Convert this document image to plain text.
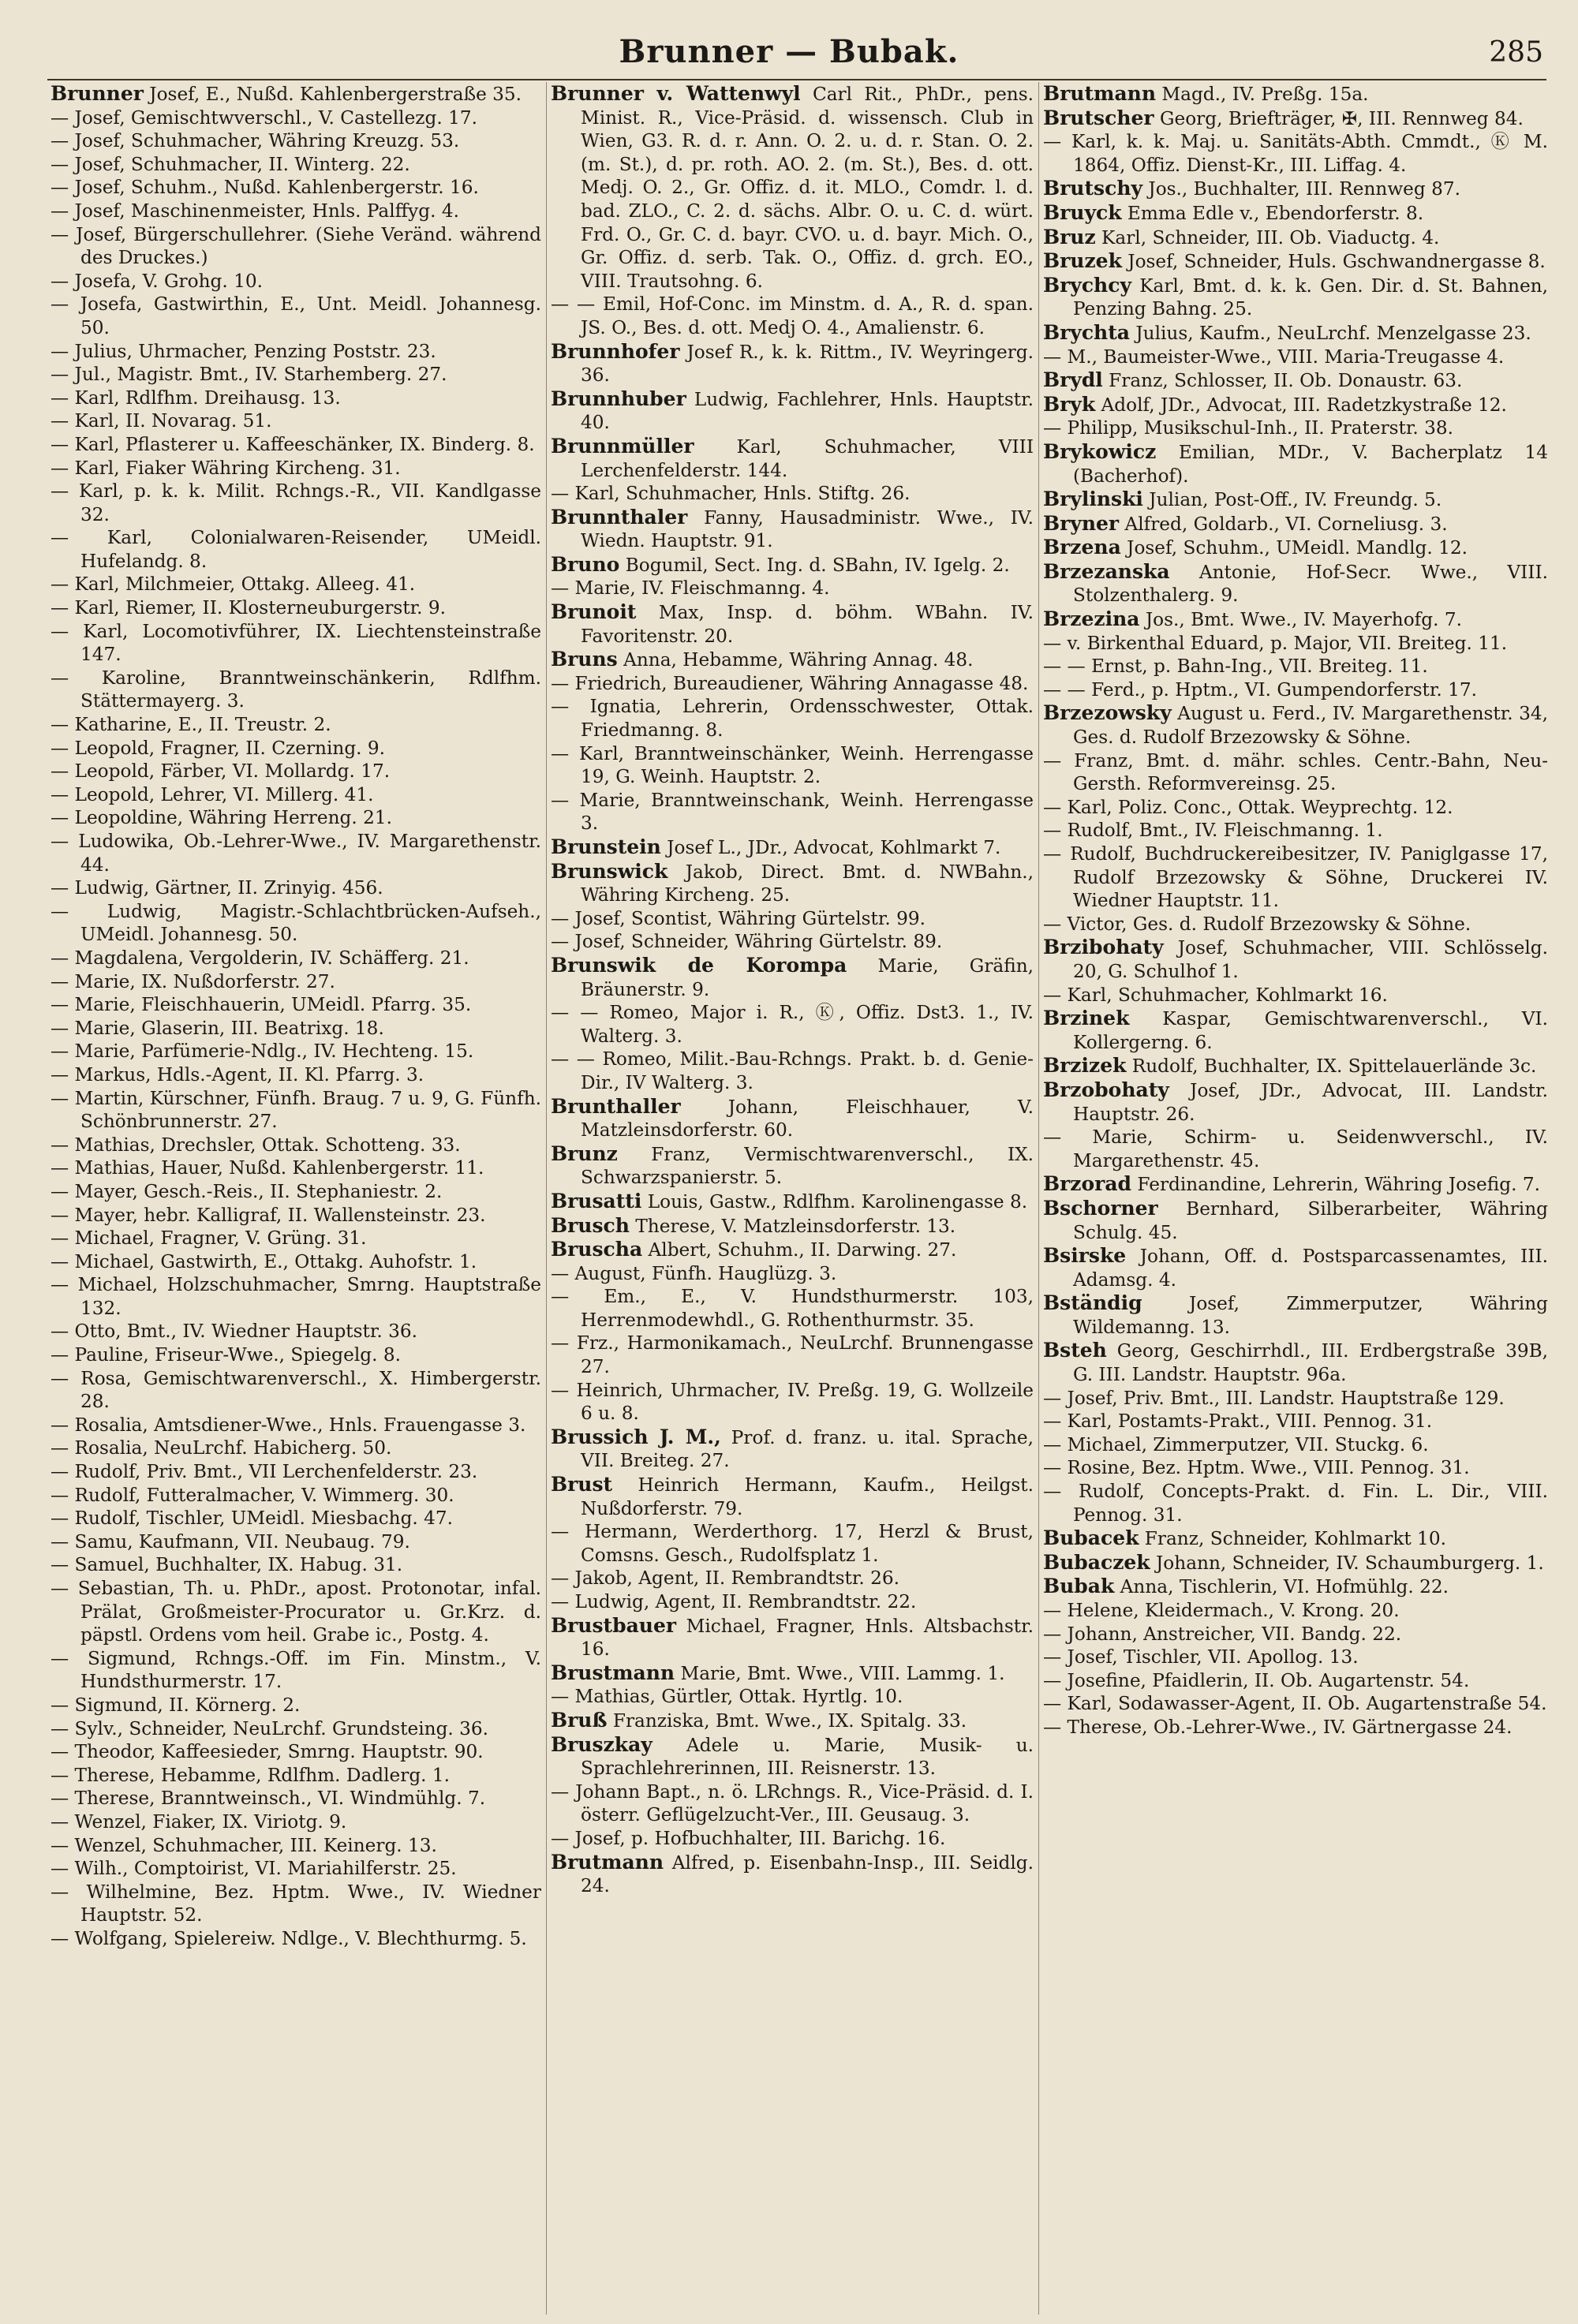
Brunner — Bubak.	285

Brunner Josef, E., Nußd. Kahlenbergerstraße 35.

— Josef, Gemischtwverschl., V. Castellezg. 17.

— Josef, Schuhmacher, Währing Kreuzg. 53.

— Josef, Schuhmacher, II. Winterg. 22.

— Josef, Schuhm., Nußd. Kahlenbergerstr. 16.

— Josef, Maschinenmeister, Hnls. Palffyg. 4.

— Josef, Bürgerschullehrer. (Siehe Veränd. während des Druckes.)

— Josefa, V. Grohg. 10.

— Josefa, Gastwirthin, E., Unt. Meidl. Johannesg. 50.

— Julius, Uhrmacher, Penzing Poststr. 23.

— Jul., Magistr. Bmt., IV. Starhemberg. 27.

— Karl, Rdlfhm. Dreihausg. 13.

— Karl, II. Novarag. 51.

— Karl, Pflasterer u. Kaffeeschänker, IX. Binderg. 8.

— Karl, Fiaker Währing Kircheng. 31.

— Karl, p. k. k. Milit. Rchngs.-R., VII. Kandlgasse 32.

— Karl, Colonialwaren-Reisender, UMeidl. Hufelandg. 8.

— Karl, Milchmeier, Ottakg. Alleeg. 41.

— Karl, Riemer, II. Klosterneuburgerstr. 9.

— Karl, Locomotivführer, IX. Liechtensteinstraße 147.

— Karoline, Branntweinschänkerin, Rdlfhm. Stättermayerg. 3.

— Katharine, E., II. Treustr. 2.

— Leopold, Fragner, II. Czerning. 9.

— Leopold, Färber, VI. Mollardg. 17.

— Leopold, Lehrer, VI. Millerg. 41.

— Leopoldine, Währing Herreng. 21.

— Ludowika, Ob.-Lehrer-Wwe., IV. Margarethenstr. 44.

— Ludwig, Gärtner, II. Zrinyig. 456.

— Ludwig, Magistr.-Schlachtbrücken-Aufseh., UMeidl. Johannesg. 50.

— Magdalena, Vergolderin, IV. Schäfferg. 21.

— Marie, IX. Nußdorferstr. 27.

— Marie, Fleischhauerin, UMeidl. Pfarrg. 35.

— Marie, Glaserin, III. Beatrixg. 18.

— Marie, Parfümerie-Ndlg., IV. Hechteng. 15.

— Markus, Hdls.-Agent, II. Kl. Pfarrg. 3.

— Martin, Kürschner, Fünfh. Braug. 7 u. 9, G. Fünfh. Schönbrunnerstr. 27.

— Mathias, Drechsler, Ottak. Schotteng. 33.

— Mathias, Hauer, Nußd. Kahlenbergerstr. 11.

— Mayer, Gesch.-Reis., II. Stephaniestr. 2.

— Mayer, hebr. Kalligraf, II. Wallensteinstr. 23.

— Michael, Fragner, V. Grüng. 31.

— Michael, Gastwirth, E., Ottakg. Auhofstr. 1.

— Michael, Holzschuhmacher, Smrng. Hauptstraße 132.

— Otto, Bmt., IV. Wiedner Hauptstr. 36.

— Pauline, Friseur-Wwe., Spiegelg. 8.

— Rosa, Gemischtwarenverschl., X. Himbergerstr. 28.

— Rosalia, Amtsdiener-Wwe., Hnls. Frauengasse 3.

— Rosalia, NeuLrchf. Habicherg. 50.

— Rudolf, Priv. Bmt., VII Lerchenfelderstr. 23.

— Rudolf, Futteralmacher, V. Wimmerg. 30.

— Rudolf, Tischler, UMeidl. Miesbachg. 47.

— Samu, Kaufmann, VII. Neubaug. 79.

— Samuel, Buchhalter, IX. Habug. 31.

— Sebastian, Th. u. PhDr., apost. Protonotar, infal. Prälat, Großmeister-Procurator u. Gr.Krz. d. päpstl. Ordens vom heil. Grabe ic., Postg. 4.

— Sigmund, Rchngs.-Off. im Fin. Minstm., V. Hundsthurmerstr. 17.

— Sigmund, II. Körnerg. 2.

— Sylv., Schneider, NeuLrchf. Grundsteing. 36.

— Theodor, Kaffeesieder, Smrng. Hauptstr. 90.

— Therese, Hebamme, Rdlfhm. Dadlerg. 1.

— Therese, Branntweinsch., VI. Windmühlg. 7.

— Wenzel, Fiaker, IX. Viriotg. 9.

— Wenzel, Schuhmacher, III. Keinerg. 13.

— Wilh., Comptoirist, VI. Mariahilferstr. 25.

— Wilhelmine, Bez. Hptm. Wwe., IV. Wiedner Hauptstr. 52.

— Wolfgang, Spielereiw. Ndlge., V. Blechthurmg. 5.

Brunner v. Wattenwyl Carl Rit., PhDr., pens. Minist. R., Vice-Präsid. d. wissensch. Club in Wien, G3. R. d. r. Ann. O. 2. u. d. r. Stan. O. 2. (m. St.), d. pr. roth. AO. 2. (m. St.), Bes. d. ott. Medj. O. 2., Gr. Offiz. d. it. MLO., Comdr. l. d. bad. ZLO., C. 2. d. sächs. Albr. O. u. C. d. würt. Frd. O., Gr. C. d. bayr. CVO. u. d. bayr. Mich. O., Gr. Offiz. d. serb. Tak. O., Offiz. d. grch. EO., VIII. Trautsohng. 6.

— — Emil, Hof-Conc. im Minstm. d. A., R. d. span. JS. O., Bes. d. ott. Medj O. 4., Amalienstr. 6.

Brunnhofer Josef R., k. k. Rittm., IV. Weyringerg. 36.

Brunnhuber Ludwig, Fachlehrer, Hnls. Hauptstr. 40.

Brunnmüller Karl, Schuhmacher, VIII Lerchenfelderstr. 144.

— Karl, Schuhmacher, Hnls. Stiftg. 26.

Brunnthaler Fanny, Hausadministr. Wwe., IV. Wiedn. Hauptstr. 91.

Bruno Bogumil, Sect. Ing. d. SBahn, IV. Igelg. 2.

— Marie, IV. Fleischmanng. 4.

Brunoit Max, Insp. d. böhm. WBahn. IV. Favoritenstr. 20.

Bruns Anna, Hebamme, Währing Annag. 48.

— Friedrich, Bureaudiener, Währing Annagasse 48.

— Ignatia, Lehrerin, Ordensschwester, Ottak. Friedmanng. 8.

— Karl, Branntweinschänker, Weinh. Herrengasse 19, G. Weinh. Hauptstr. 2.

— Marie, Branntweinschank, Weinh. Herrengasse 3.

Brunstein Josef L., JDr., Advocat, Kohlmarkt 7.

Brunswick Jakob, Direct. Bmt. d. NWBahn., Währing Kircheng. 25.

— Josef, Scontist, Währing Gürtelstr. 99.

— Josef, Schneider, Währing Gürtelstr. 89.

Brunswik de Korompa Marie, Gräfin, Bräunerstr. 9.

— — Romeo, Major i. R., Ⓚ, Offiz. Dst3. 1., IV. Walterg. 3.

— — Romeo, Milit.-Bau-Rchngs. Prakt. b. d. Genie-Dir., IV Walterg. 3.

Brunthaller Johann, Fleischhauer, V. Matzleinsdorferstr. 60.

Brunz Franz, Vermischtwarenverschl., IX. Schwarzspanierstr. 5.

Brusatti Louis, Gastw., Rdlfhm. Karolinengasse 8.

Brusch Therese, V. Matzleinsdorferstr. 13.

Bruscha Albert, Schuhm., II. Darwing. 27.

— August, Fünfh. Hauglüzg. 3.

— Em., E., V. Hundsthurmerstr. 103, Herrenmodewhdl., G. Rothenthurmstr. 35.

— Frz., Harmonikamach., NeuLrchf. Brunnengasse 27.

— Heinrich, Uhrmacher, IV. Preßg. 19, G. Wollzeile 6 u. 8.

Brussich J. M., Prof. d. franz. u. ital. Sprache, VII. Breiteg. 27.

Brust Heinrich Hermann, Kaufm., Heilgst. Nußdorferstr. 79.

— Hermann, Werderthorg. 17, Herzl & Brust, Comsns. Gesch., Rudolfsplatz 1.

— Jakob, Agent, II. Rembrandtstr. 26.

— Ludwig, Agent, II. Rembrandtstr. 22.

Brustbauer Michael, Fragner, Hnls. Altsbachstr. 16.

Brustmann Marie, Bmt. Wwe., VIII. Lammg. 1.

— Mathias, Gürtler, Ottak. Hyrtlg. 10.

Bruß Franziska, Bmt. Wwe., IX. Spitalg. 33.

Bruszkay Adele u. Marie, Musik- u. Sprachlehrerinnen, III. Reisnerstr. 13.

— Johann Bapt., n. ö. LRchngs. R., Vice-Präsid. d. I. österr. Geflügelzucht-Ver., III. Geusaug. 3.

— Josef, p. Hofbuchhalter, III. Barichg. 16.

Brutmann Alfred, p. Eisenbahn-Insp., III. Seidlg. 24.

Brutmann Magd., IV. Preßg. 15a.

Brutscher Georg, Briefträger, ✠, III. Rennweg 84.

— Karl, k. k. Maj. u. Sanitäts-Abth. Cmmdt., Ⓚ M. 1864, Offiz. Dienst-Kr., III. Liffag. 4.

Brutschy Jos., Buchhalter, III. Rennweg 87.

Bruyck Emma Edle v., Ebendorferstr. 8.

Bruz Karl, Schneider, III. Ob. Viaductg. 4.

Bruzek Josef, Schneider, Huls. Gschwandnergasse 8.

Brychcy Karl, Bmt. d. k. k. Gen. Dir. d. St. Bahnen, Penzing Bahng. 25.

Brychta Julius, Kaufm., NeuLrchf. Menzelgasse 23.

— M., Baumeister-Wwe., VIII. Maria-Treugasse 4.

Brydl Franz, Schlosser, II. Ob. Donaustr. 63.

Bryk Adolf, JDr., Advocat, III. Radetzkystraße 12.

— Philipp, Musikschul-Inh., II. Praterstr. 38.

Brykowicz Emilian, MDr., V. Bacherplatz 14 (Bacherhof).

Brylinski Julian, Post-Off., IV. Freundg. 5.

Bryner Alfred, Goldarb., VI. Corneliusg. 3.

Brzena Josef, Schuhm., UMeidl. Mandlg. 12.

Brzezanska Antonie, Hof-Secr. Wwe., VIII. Stolzenthalerg. 9.

Brzezina Jos., Bmt. Wwe., IV. Mayerhofg. 7.

— v. Birkenthal Eduard, p. Major, VII. Breiteg. 11.

— — Ernst, p. Bahn-Ing., VII. Breiteg. 11.

— — Ferd., p. Hptm., VI. Gumpendorferstr. 17.

Brzezowsky August u. Ferd., IV. Margarethenstr. 34, Ges. d. Rudolf Brzezowsky & Söhne.

— Franz, Bmt. d. mähr. schles. Centr.-Bahn, Neu-Gersth. Reformvereinsg. 25.

— Karl, Poliz. Conc., Ottak. Weyprechtg. 12.

— Rudolf, Bmt., IV. Fleischmanng. 1.

— Rudolf, Buchdruckereibesitzer, IV. Paniglgasse 17, Rudolf Brzezowsky & Söhne, Druckerei IV. Wiedner Hauptstr. 11.

— Victor, Ges. d. Rudolf Brzezowsky & Söhne.

Brzibohaty Josef, Schuhmacher, VIII. Schlösselg. 20, G. Schulhof 1.

— Karl, Schuhmacher, Kohlmarkt 16.

Brzinek Kaspar, Gemischtwarenverschl., VI. Kollergerng. 6.

Brzizek Rudolf, Buchhalter, IX. Spittelauerlände 3c.

Brzobohaty Josef, JDr., Advocat, III. Landstr. Hauptstr. 26.

— Marie, Schirm- u. Seidenwverschl., IV. Margarethenstr. 45.

Brzorad Ferdinandine, Lehrerin, Währing Josefig. 7.

Bschorner Bernhard, Silberarbeiter, Währing Schulg. 45.

Bsirske Johann, Off. d. Postsparcassenamtes, III. Adamsg. 4.

Bständig Josef, Zimmerputzer, Währing Wildemanng. 13.

Bsteh Georg, Geschirrhdl., III. Erdbergstraße 39B, G. III. Landstr. Hauptstr. 96a.

— Josef, Priv. Bmt., III. Landstr. Hauptstraße 129.

— Karl, Postamts-Prakt., VIII. Pennog. 31.

— Michael, Zimmerputzer, VII. Stuckg. 6.

— Rosine, Bez. Hptm. Wwe., VIII. Pennog. 31.

— Rudolf, Concepts-Prakt. d. Fin. L. Dir., VIII. Pennog. 31.

Bubacek Franz, Schneider, Kohlmarkt 10.

Bubaczek Johann, Schneider, IV. Schaumburgerg. 1.

Bubak Anna, Tischlerin, VI. Hofmühlg. 22.

— Helene, Kleidermach., V. Krong. 20.

— Johann, Anstreicher, VII. Bandg. 22.

— Josef, Tischler, VII. Apollog. 13.

— Josefine, Pfaidlerin, II. Ob. Augartenstr. 54.

— Karl, Sodawasser-Agent, II. Ob. Augartenstraße 54.

— Therese, Ob.-Lehrer-Wwe., IV. Gärtnergasse 24.
